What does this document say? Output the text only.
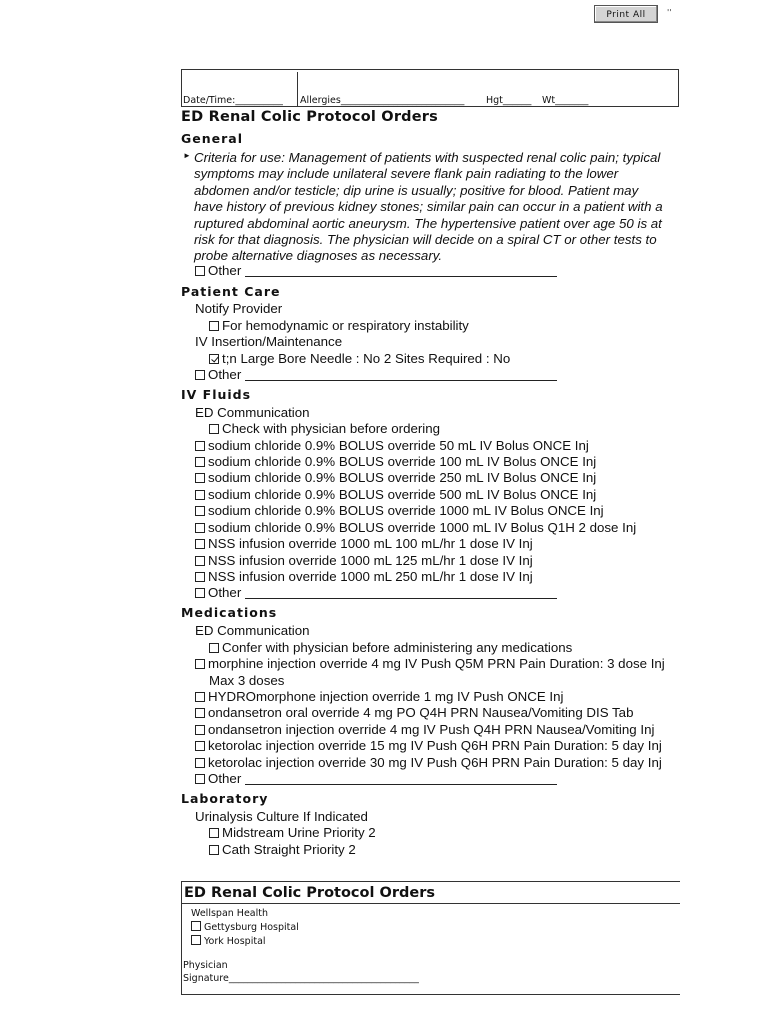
Print All	''
Date/Time:__________ Allergies__________________________ Hgt______ Wt_______
ED Renal Colic Protocol Orders
General
► Criteria for use: Management of patients with suspected renal colic pain; typical symptoms may include unilateral severe flank pain radiating to the lower abdomen and/or testicle; dip urine is usually; positive for blood. Patient may have history of previous kidney stones; similar pain can occur in a patient with a ruptured abdominal aortic aneurysm. The hypertensive patient over age 50 is at risk for that diagnosis. The physician will decide on a spiral CT or other tests to probe alternative diagnoses as necessary.
Other
Patient Care
Notify Provider
For hemodynamic or respiratory instability
IV Insertion/Maintenance
t;n Large Bore Needle : No 2 Sites Required : No
Other
IV Fluids
ED Communication
Check with physician before ordering
sodium chloride 0.9% BOLUS override 50 mL IV Bolus ONCE Inj
sodium chloride 0.9% BOLUS override 100 mL IV Bolus ONCE Inj
sodium chloride 0.9% BOLUS override 250 mL IV Bolus ONCE Inj
sodium chloride 0.9% BOLUS override 500 mL IV Bolus ONCE Inj
sodium chloride 0.9% BOLUS override 1000 mL IV Bolus ONCE Inj
sodium chloride 0.9% BOLUS override 1000 mL IV Bolus Q1H 2 dose Inj
NSS infusion override 1000 mL 100 mL/hr 1 dose IV Inj
NSS infusion override 1000 mL 125 mL/hr 1 dose IV Inj
NSS infusion override 1000 mL 250 mL/hr 1 dose IV Inj
Other
Medications
ED Communication
Confer with physician before administering any medications
morphine injection override 4 mg IV Push Q5M PRN Pain Duration: 3 dose Inj
Max 3 doses
HYDROmorphone injection override 1 mg IV Push ONCE Inj
ondansetron oral override 4 mg PO Q4H PRN Nausea/Vomiting DIS Tab
ondansetron injection override 4 mg IV Push Q4H PRN Nausea/Vomiting Inj
ketorolac injection override 15 mg IV Push Q6H PRN Pain Duration: 5 day Inj
ketorolac injection override 30 mg IV Push Q6H PRN Pain Duration: 5 day Inj
Other
Laboratory
Urinalysis Culture If Indicated
Midstream Urine Priority 2
Cath Straight Priority 2
ED Renal Colic Protocol Orders
Wellspan Health
Gettysburg Hospital
York Hospital
Physician
Signature________________________________________
